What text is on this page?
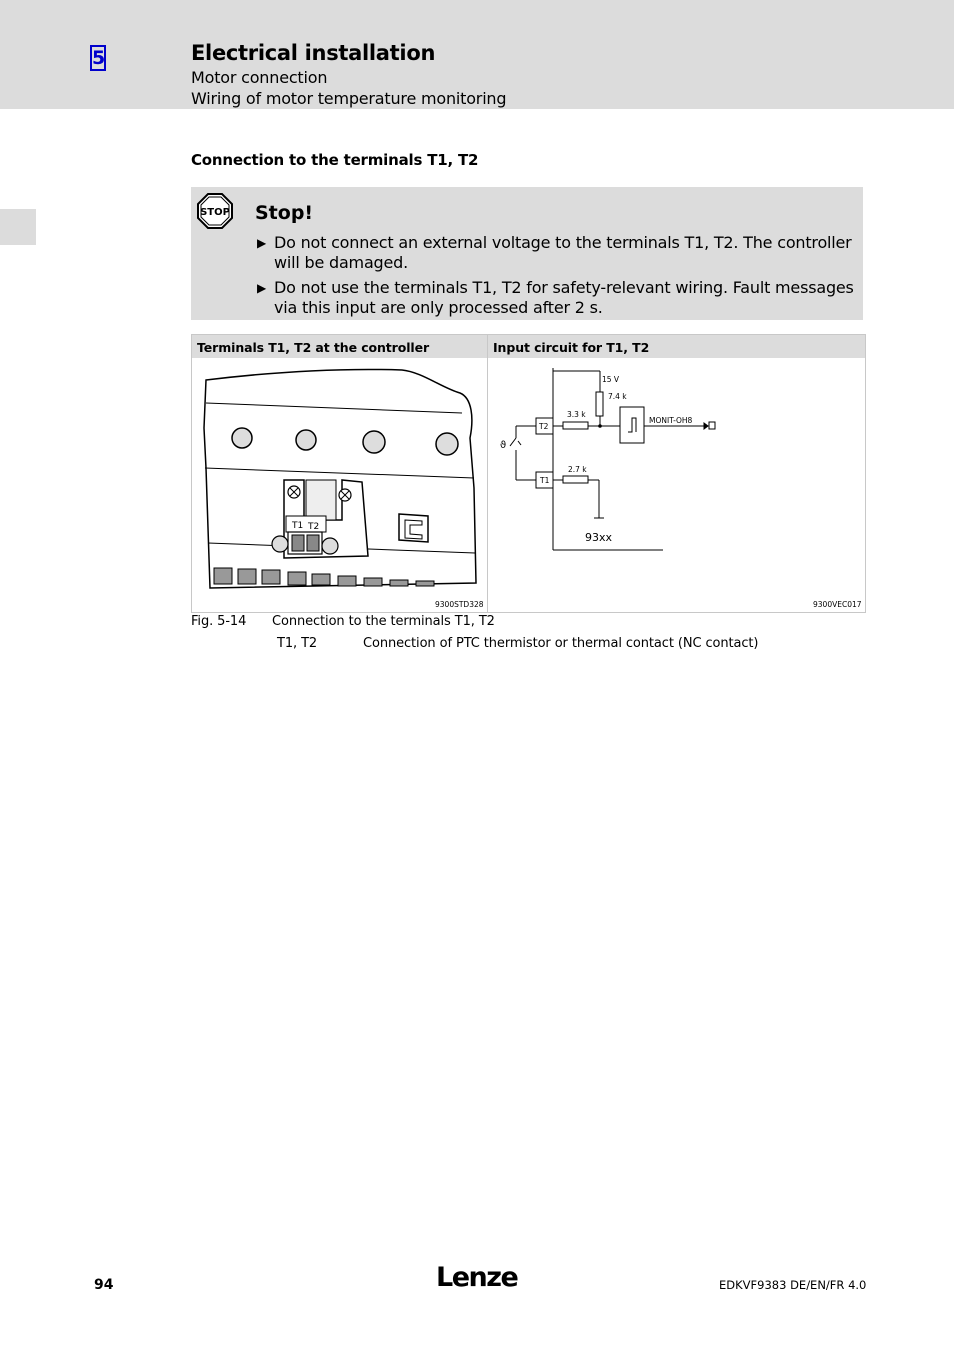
5	Electrical installation
Motor connection
Wiring of motor temperature monitoring
Connection to the terminals T1, T2
STOP Stop!
▶ Do not connect an external voltage to the terminals T1, T2. The controller will be damaged.
▶ Do not use the terminals T1, T2 for safety-relevant wiring. Fault messages via this input are only processed after 2 s.
Terminals T1, T2 at the controller	Input circuit for T1, T2
T1 T2
9300STD328
15 V
7.4 k
3.3 k
MONIT-OH8
T2
2.7 k
T1
ϑ
93xx
9300VEC017
Fig. 5-14 Connection to the terminals T1, T2
T1, T2	Connection of PTC thermistor or thermal contact (NC contact)
94	Lenze	EDKVF9383 DE/EN/FR 4.0
